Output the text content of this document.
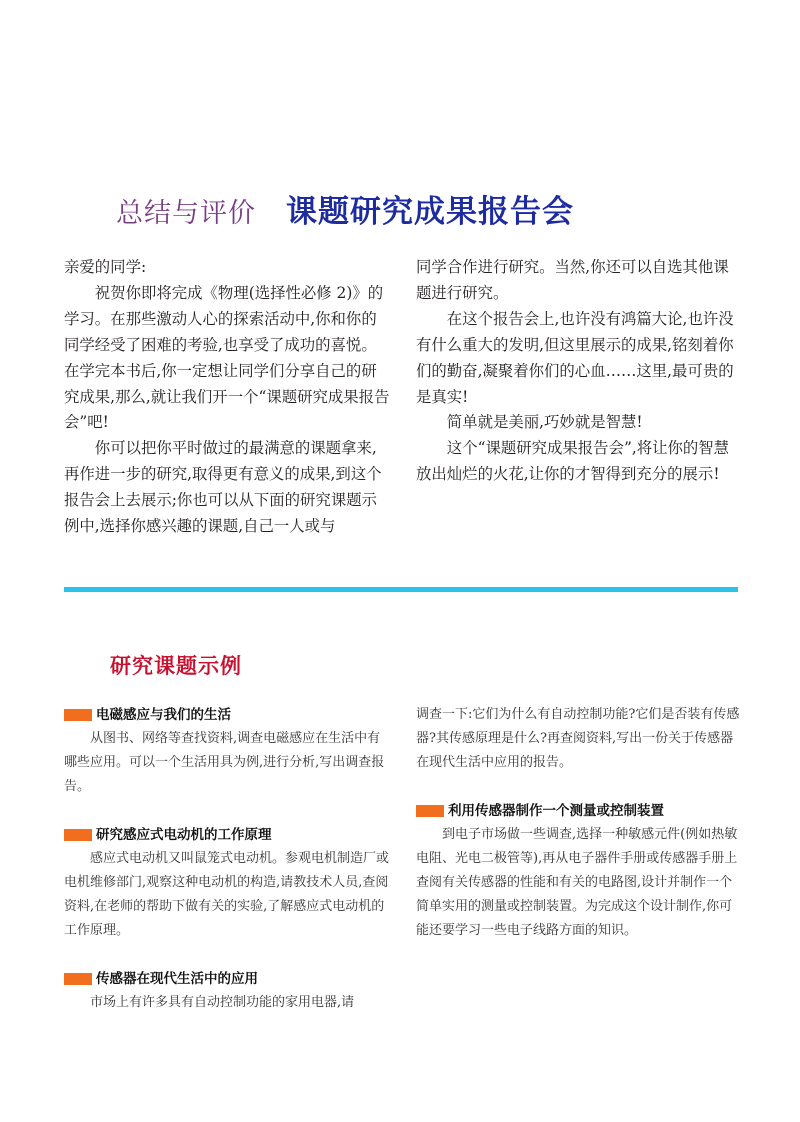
总结与评价 课题研究成果报告会

亲爱的同学:

祝贺你即将完成《物理(选择性必修 2)》的学习。在那些激动人心的探索活动中,你和你的同学经受了困难的考验,也享受了成功的喜悦。在学完本书后,你一定想让同学们分享自己的研究成果,那么,就让我们开一个“课题研究成果报告会”吧!

你可以把你平时做过的最满意的课题拿来,再作进一步的研究,取得更有意义的成果,到这个报告会上去展示;你也可以从下面的研究课题示例中,选择你感兴趣的课题,自己一人或与

同学合作进行研究。当然,你还可以自选其他课题进行研究。

在这个报告会上,也许没有鸿篇大论,也许没有什么重大的发明,但这里展示的成果,铭刻着你们的勤奋,凝聚着你们的心血……这里,最可贵的是真实!

简单就是美丽,巧妙就是智慧!

这个“课题研究成果报告会”,将让你的智慧放出灿烂的火花,让你的才智得到充分的展示!

研究课题示例
电磁感应与我们的生活

从图书、网络等查找资料,调查电磁感应在生活中有哪些应用。可以一个生活用具为例,进行分析,写出调查报告。

研究感应式电动机的工作原理

感应式电动机又叫鼠笼式电动机。参观电机制造厂或电机维修部门,观察这种电动机的构造,请教技术人员,查阅资料,在老师的帮助下做有关的实验,了解感应式电动机的工作原理。

传感器在现代生活中的应用

市场上有许多具有自动控制功能的家用电器,请

调查一下:它们为什么有自动控制功能?它们是否装有传感器?其传感原理是什么?再查阅资料,写出一份关于传感器在现代生活中应用的报告。

利用传感器制作一个测量或控制装置

到电子市场做一些调查,选择一种敏感元件(例如热敏电阻、光电二极管等),再从电子器件手册或传感器手册上查阅有关传感器的性能和有关的电路图,设计并制作一个简单实用的测量或控制装置。为完成这个设计制作,你可能还要学习一些电子线路方面的知识。
